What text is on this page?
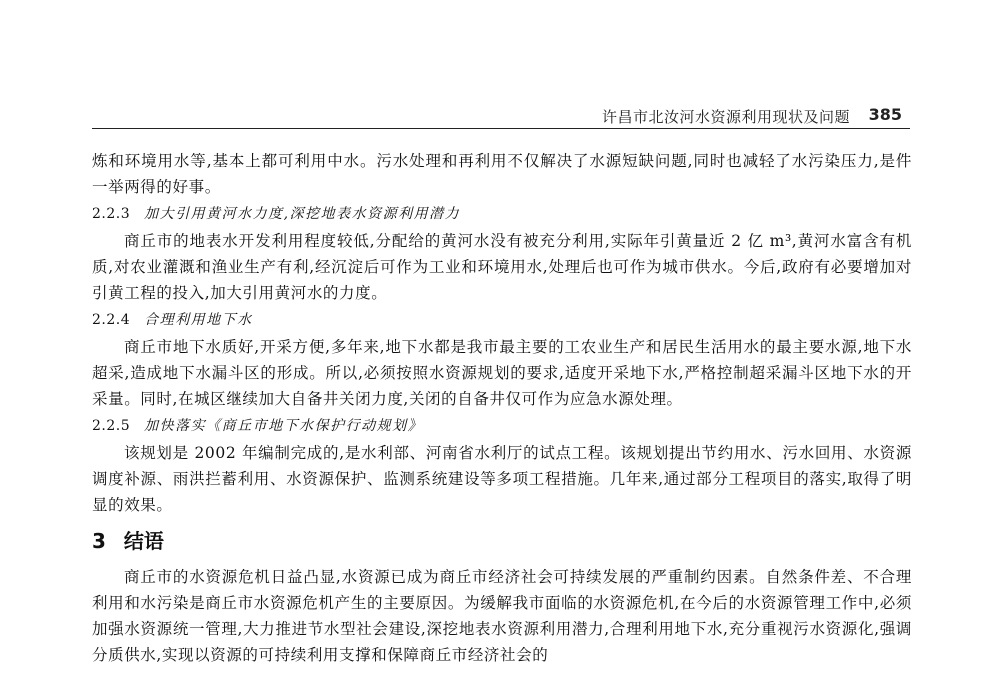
许昌市北汝河水资源利用现状及问题 385

炼和环境用水等,基本上都可利用中水。污水处理和再利用不仅解决了水源短缺问题,同时也减轻了水污染压力,是件一举两得的好事。

2.2.3 加大引用黄河水力度,深挖地表水资源利用潜力

商丘市的地表水开发利用程度较低,分配给的黄河水没有被充分利用,实际年引黄量近 2 亿 m³,黄河水富含有机质,对农业灌溉和渔业生产有利,经沉淀后可作为工业和环境用水,处理后也可作为城市供水。今后,政府有必要增加对引黄工程的投入,加大引用黄河水的力度。

2.2.4 合理利用地下水

商丘市地下水质好,开采方便,多年来,地下水都是我市最主要的工农业生产和居民生活用水的最主要水源,地下水超采,造成地下水漏斗区的形成。所以,必须按照水资源规划的要求,适度开采地下水,严格控制超采漏斗区地下水的开采量。同时,在城区继续加大自备井关闭力度,关闭的自备井仅可作为应急水源处理。

2.2.5 加快落实《商丘市地下水保护行动规划》

该规划是 2002 年编制完成的,是水利部、河南省水利厅的试点工程。该规划提出节约用水、污水回用、水资源调度补源、雨洪拦蓄利用、水资源保护、监测系统建设等多项工程措施。几年来,通过部分工程项目的落实,取得了明显的效果。

3 结语

商丘市的水资源危机日益凸显,水资源已成为商丘市经济社会可持续发展的严重制约因素。自然条件差、不合理利用和水污染是商丘市水资源危机产生的主要原因。为缓解我市面临的水资源危机,在今后的水资源管理工作中,必须加强水资源统一管理,大力推进节水型社会建设,深挖地表水资源利用潜力,合理利用地下水,充分重视污水资源化,强调分质供水,实现以资源的可持续利用支撑和保障商丘市经济社会的
